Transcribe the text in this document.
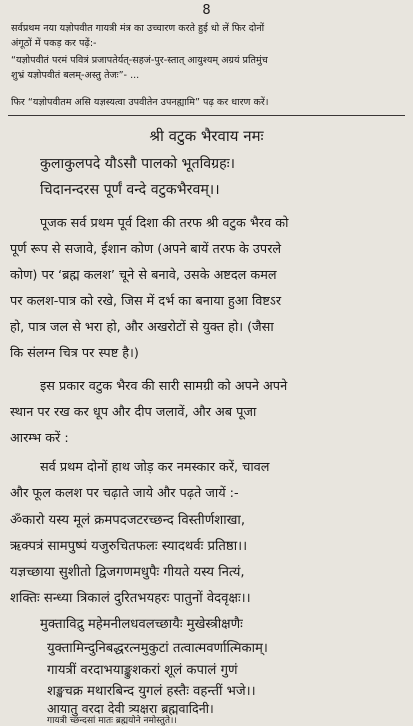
8
सर्वप्रथम नया यज्ञोपवीत गायत्री मंत्र का उच्चारण करते हुई धो लें फिर दोनों
अंगूठों में पकड़ कर पढ़ें:-
“यज्ञोपवीतं परमं पवित्रं प्रजापतेर्यत्-सहजं-पुर-स्तात् आयुश्यम् अग्रयं प्रतिमुंच
शुभ्रं यज्ञोपवीतं बलम्-अस्तु तेजः”- ...
फिर “यज्ञोपवीतम असि यज्ञस्यत्वा उपवीतेन उपनह्यामि” पढ़ कर धारण करें।
श्री वटुक भैरवाय नमः
कुलाकुलपदे यौऽसौ पालको भूतविग्रहः।
चिदानन्दरस पूर्णं वन्दे वटुकभैरवम्।।
पूजक सर्व प्रथम पूर्व दिशा की तरफ श्री वटुक भैरव को
पूर्ण रूप से सजावे, ईशान कोण (अपने बायें तरफ के उपरले
कोण) पर ‘ब्रह्म कलश’ चूने से बनावे, उसके अष्टदल कमल
पर कलश-पात्र को रखे, जिस में दर्भ का बनाया हुआ विष्टऽर
हो, पात्र जल से भरा हो, और अखरोटों से युक्त हो। (जैसा
कि संलग्न चित्र पर स्पष्ट है।)
इस प्रकार वटुक भैरव की सारी सामग्री को अपने अपने
स्थान पर रख कर धूप और दीप जलावें, और अब पूजा
आरम्भ करें :
सर्व प्रथम दोनों हाथ जोड़ कर नमस्कार करें, चावल
और फूल कलश पर चढ़ाते जाये और पढ़ते जायें :-
ॐकारो यस्य मूलं क्रमपदजटरच्छन्द विस्तीर्णशाखा,
ऋक्पत्रं सामपुष्पं यजुरुचितफलः स्यादथर्वः प्रतिष्ठा।।
यज्ञच्छाया सुशीतो द्विजगणमधुपैः गीयते यस्य नित्यं,
शक्तिः सन्ध्या त्रिकालं दुरितभयहरः पातुनों वेदवृक्षः।।
मुक्ताविद्रु महेमनीलधवलच्छायैः मुखेस्त्रीक्षणैः
युक्तामिन्दुनिबद्धरत्नमुकुटां तत्वात्मवर्णात्मिकाम्।
गायत्रीं वरदाभयाङ्कुशकरां शूलं कपालं गुणं
शङ्खचक्र मथारबिन्द युगलं हस्तैः वहन्तीं भजे।।
आयातु वरदा देवी त्र्यक्षरा ब्रह्मवादिनी।
गायत्री च्छन्दसां मातः ब्रह्मयोने नमोस्तुते।।
